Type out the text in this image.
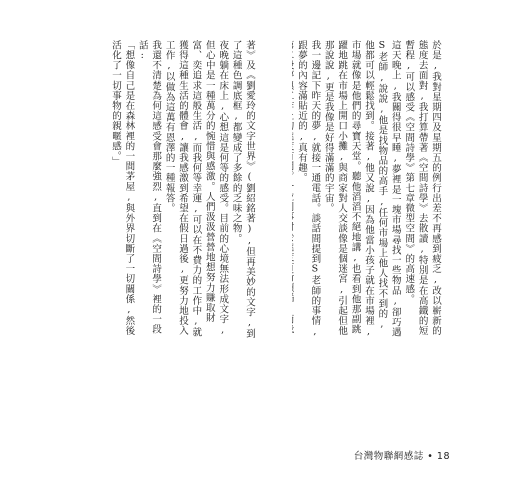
於是,我對星期四及星期五的例行出差不再感到疲乏,改以嶄新的態度去面對,我打算帶著《空間詩學》去散讀,特別是在高鐵的短暫程,可以感受《空間詩學》第七章微型空間》的高速感。
這天晚上,我關得很早睡,夢裡是一塊市場尋找一些物品,卻巧遇S老師,說說,他是找物品的高手,任何市場上他人找不到的,他都可以輕鬆找到。接著,他又說,因為他當小孩子就在市場裡,市場就像是他們的尋寶天堂。聽他滔滔不絕地講,也看到他那副跳躍地跳在市場上開口小攤,與商家對人交談像是個迷宮,引起但他那說說,更是我像是好得滿滿的宇宙。
我一邊記下昨天的夢,就接一通電話。談話間提到S老師的事情,跟夢的內容滿貼近的,真有趣。

著》及《劉愛玲的文字世界》(劉紹銘著),但再美妙的文字,到了這種色調底框,都變成了多餘的乏味之物。
夜晚躺在床上,心想這是何等的感受。目前的心境無法形成文字,但心中是一種萬分的惋惜與感激。人們汲汲營營地想努力賺取財富、奕追求這般生活,而我何等幸運,可以在不費力的工作中,就獲得這種生活的體會,讓我感激到希望在假日過後,更努力地投入工作,以做為這萬有恩澤的一種報答。
我還不清楚為何這感受會那麼強烈,直到在《空間詩學》裡的一段話:
「想像自己是在森林裡的一間茅屋,與外界切斷了一切關係,然後活化了一切事物的親暱感。」

台灣物聯網感誌 • 18
